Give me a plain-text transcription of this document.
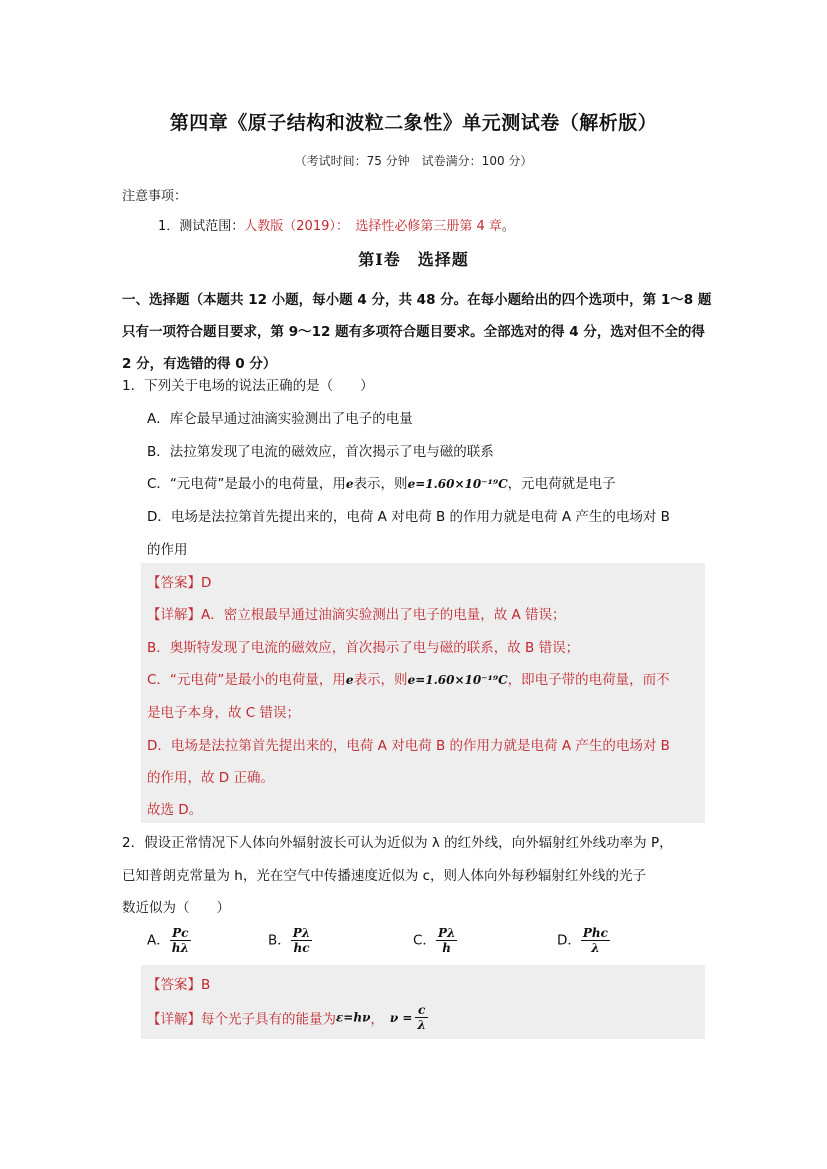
第四章《原子结构和波粒二象性》单元测试卷（解析版）
（考试时间：75 分钟　试卷满分：100 分）
注意事项：
1．测试范围：人教版（2019）：　选择性必修第三册第 4 章。
第Ⅰ卷　选择题
一、选择题（本题共 12 小题，每小题 4 分，共 48 分。在每小题给出的四个选项中，第 1～8 题只有一项符合题目要求，第 9～12 题有多项符合题目要求。全部选对的得 4 分，选对但不全的得 2 分，有选错的得 0 分）
1．下列关于电场的说法正确的是（　　）
A．库仑最早通过油滴实验测出了电子的电量
B．法拉第发现了电流的磁效应，首次揭示了电与磁的联系
C．“元电荷”是最小的电荷量，用e表示，则e=1.60×10⁻¹⁹C，元电荷就是电子
D．电场是法拉第首先提出来的，电荷 A 对电荷 B 的作用力就是电荷 A 产生的电场对 B
的作用
【答案】D
【详解】A．密立根最早通过油滴实验测出了电子的电量，故 A 错误；
B．奥斯特发现了电流的磁效应，首次揭示了电与磁的联系，故 B 错误；
C．“元电荷”是最小的电荷量，用e表示，则e=1.60×10⁻¹⁹C，即电子带的电荷量，而不
是电子本身，故 C 错误；
D．电场是法拉第首先提出来的，电荷 A 对电荷 B 的作用力就是电荷 A 产生的电场对 B
的作用，故 D 正确。
故选 D。
2．假设正常情况下人体向外辐射波长可认为近似为 λ 的红外线，向外辐射红外线功率为 P，
已知普朗克常量为 h，光在空气中传播速度近似为 c，则人体向外每秒辐射红外线的光子
数近似为（　　）
A． $\frac{Pc}{h\lambda}$	B． $\frac{P\lambda}{hc}$	C． $\frac{P\lambda}{h}$	D． $\frac{\text{Phc}}{\lambda}$
【答案】B
【详解】每个光子具有的能量为ε=hν， $\nu = \frac{c}{\lambda}$
